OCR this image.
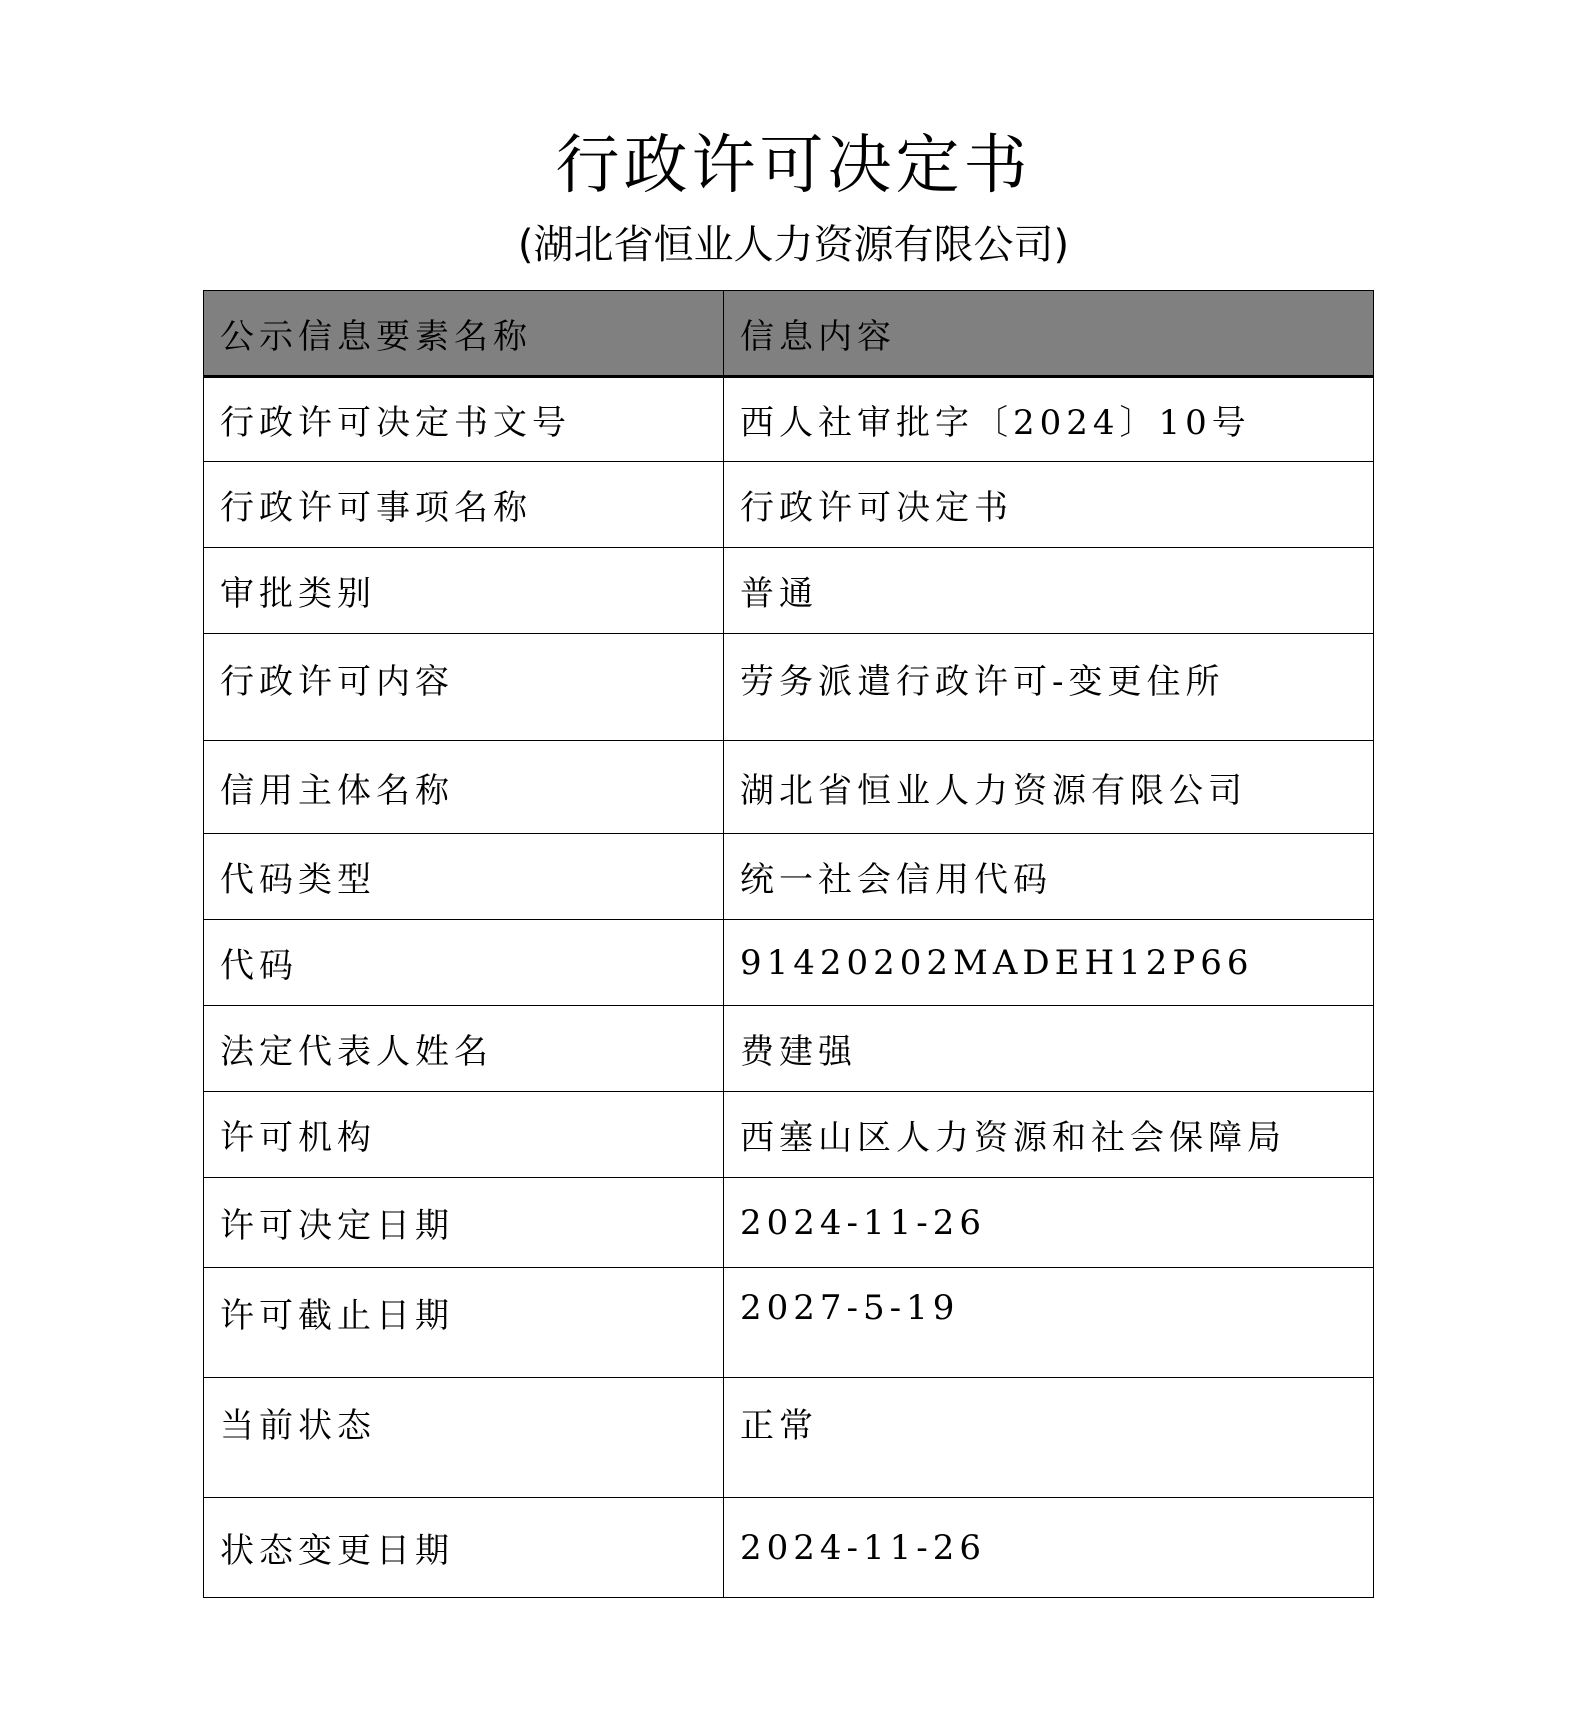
行政许可决定书
(湖北省恒业人力资源有限公司)
公示信息要素名称	信息内容
行政许可决定书文号	西人社审批字〔2024〕10号
行政许可事项名称	行政许可决定书
审批类别	普通
行政许可内容	劳务派遣行政许可-变更住所
信用主体名称	湖北省恒业人力资源有限公司
代码类型	统一社会信用代码
代码	91420202MADEH12P66
法定代表人姓名	费建强
许可机构	西塞山区人力资源和社会保障局
许可决定日期	2024-11-26
许可截止日期	2027-5-19
当前状态	正常
状态变更日期	2024-11-26
